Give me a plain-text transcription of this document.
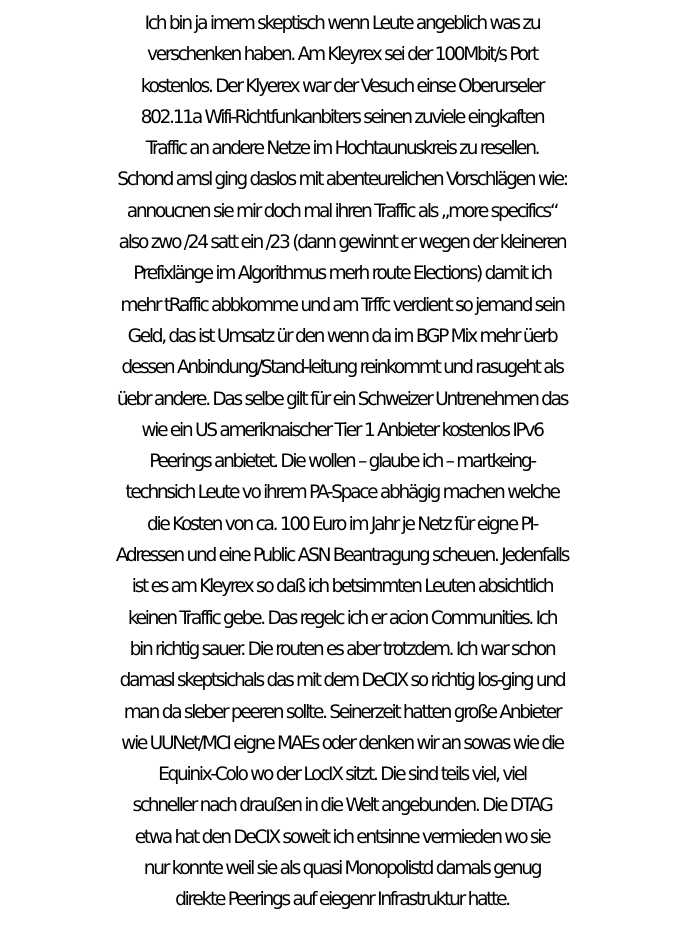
Ich bin ja imem skeptisch wenn Leute angeblich was zu
verschenken haben. Am Kleyrex sei der 100Mbit/s Port
kostenlos. Der Klyerex war der Vesuch einse Oberurseler
802.11a Wifi-Richtfunkanbiters seinen zuviele eingkaften
Traffic an andere Netze im Hochtaunuskreis zu resellen.
Schond amsl ging daslos mit abenteurelichen Vorschlägen wie:
annoucnen sie mir doch mal ihren Traffic als „more specifics“
also zwo /24 satt ein /23 (dann gewinnt er wegen der kleineren
Prefixlänge im Algorithmus merh route Elections) damit ich
mehr tRaffic abbkomme und am Trffc verdient so jemand sein
Geld, das ist Umsatz ür den wenn da im BGP Mix mehr üerb
dessen Anbindung/Stand-leitung reinkommt und rasugeht als
üebr andere. Das selbe gilt für ein Schweizer Untrenehmen das
wie ein US ameriknaischer Tier 1 Anbieter kostenlos IPv6
Peerings anbietet. Die wollen – glaube ich – martkeing-
technsich Leute vo ihrem PA-Space abhägig machen welche
die Kosten von ca. 100 Euro im Jahr je Netz für eigne PI-
Adressen und eine Public ASN Beantragung scheuen. Jedenfalls
ist es am Kleyrex so daß ich betsimmten Leuten absichtlich
keinen Traffic gebe. Das regelc ich er acion Communities. Ich
bin richtig sauer. Die routen es aber trotzdem. Ich war schon
damasl skeptsichals das mit dem DeCIX so richtig los-ging und
man da sleber peeren sollte. Seinerzeit hatten große Anbieter
wie UUNet/MCI eigne MAEs oder denken wir an sowas wie die
Equinix-Colo wo der LocIX sitzt. Die sind teils viel, viel
schneller nach draußen in die Welt angebunden. Die DTAG
etwa hat den DeCIX soweit ich entsinne vermieden wo sie
nur konnte weil sie als quasi Monopolistd damals genug
direkte Peerings auf eiegenr Infrastruktur hatte.
